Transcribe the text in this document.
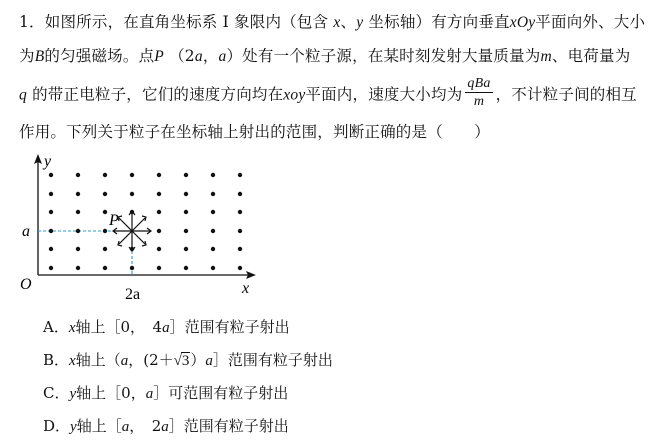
1．如图所示，在直角坐标系 I 象限内（包含 x、y 坐标轴）有方向垂直xOy平面向外、大小
为B的匀强磁场。点P （2a，a）处有一个粒子源，在某时刻发射大量质量为m、电荷量为
q 的带正电粒子，它们的速度方向均在xoy平面内，速度大小均为 $\frac{\text{qBa}}{m}$ ，不计粒子间的相互
作用。下列关于粒子在坐标轴上射出的范围，判断正确的是（　　）
y
x
O
a
2a
P
A．x轴上［0，　4a］范围有粒子射出
B．x轴上（a，(2＋√3）a］范围有粒子射出
C．y轴上［0，a］可范围有粒子射出
D．y轴上［a，　2a］范围有粒子射出
